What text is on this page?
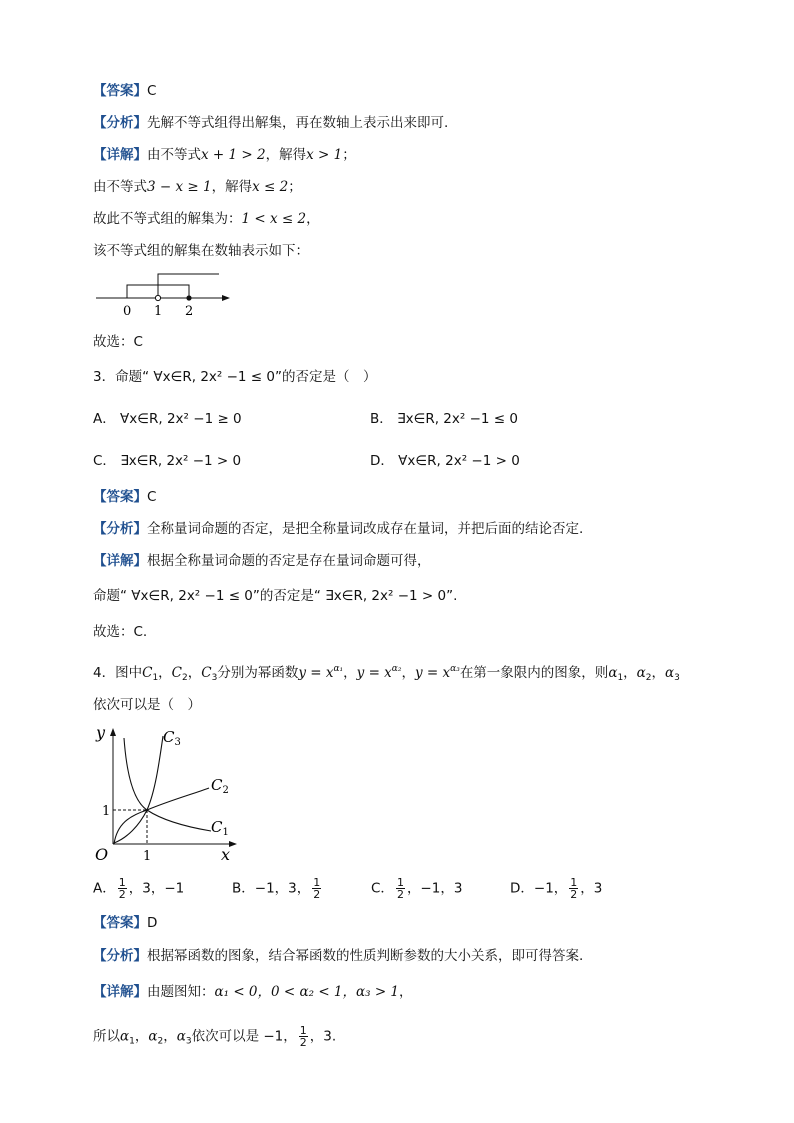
【答案】C
【分析】先解不等式组得出解集，再在数轴上表示出来即可.
【详解】由不等式x + 1 > 2，解得x > 1；
由不等式3 − x ≥ 1，解得x ≤ 2；
故此不等式组的解集为：1 < x ≤ 2，
该不等式组的解集在数轴表示如下：
0 1 2
故选：C
3．命题“ ∀x∈R, 2x² −1 ≤ 0”的否定是（　）
A． ∀x∈R, 2x² −1 ≥ 0	B． ∃x∈R, 2x² −1 ≤ 0
C． ∃x∈R, 2x² −1 > 0	D． ∀x∈R, 2x² −1 > 0
【答案】C
【分析】全称量词命题的否定，是把全称量词改成存在量词，并把后面的结论否定.
【详解】根据全称量词命题的否定是存在量词命题可得，
命题“ ∀x∈R, 2x² −1 ≤ 0”的否定是“ ∃x∈R, 2x² −1 > 0”.
故选：C.
4．图中$C_1$，$C_2$，$C_3$分别为幂函数$y = x^{\alpha_1}$，$y = x^{\alpha_2}$，$y = x^{\alpha_3}$在第一象限内的图象，则$\alpha_1$，$\alpha_2$，$\alpha_3$
依次可以是（　）
y
x
O
1
1
$C_3$
$C_2$
$C_1$
A． $\frac{1}{2}$ ，3，−1	B．−1，3， $\frac{1}{2}$	C． $\frac{1}{2}$ ，−1，3	D．−1， $\frac{1}{2}$ ，3
【答案】D
【分析】根据幂函数的图象，结合幂函数的性质判断参数的大小关系，即可得答案.
【详解】由题图知：α₁ < 0，0 < α₂ < 1，α₃ > 1，
所以$\alpha_1$，$\alpha_2$，$\alpha_3$依次可以是 −1， $\frac{1}{2}$ ，3.
